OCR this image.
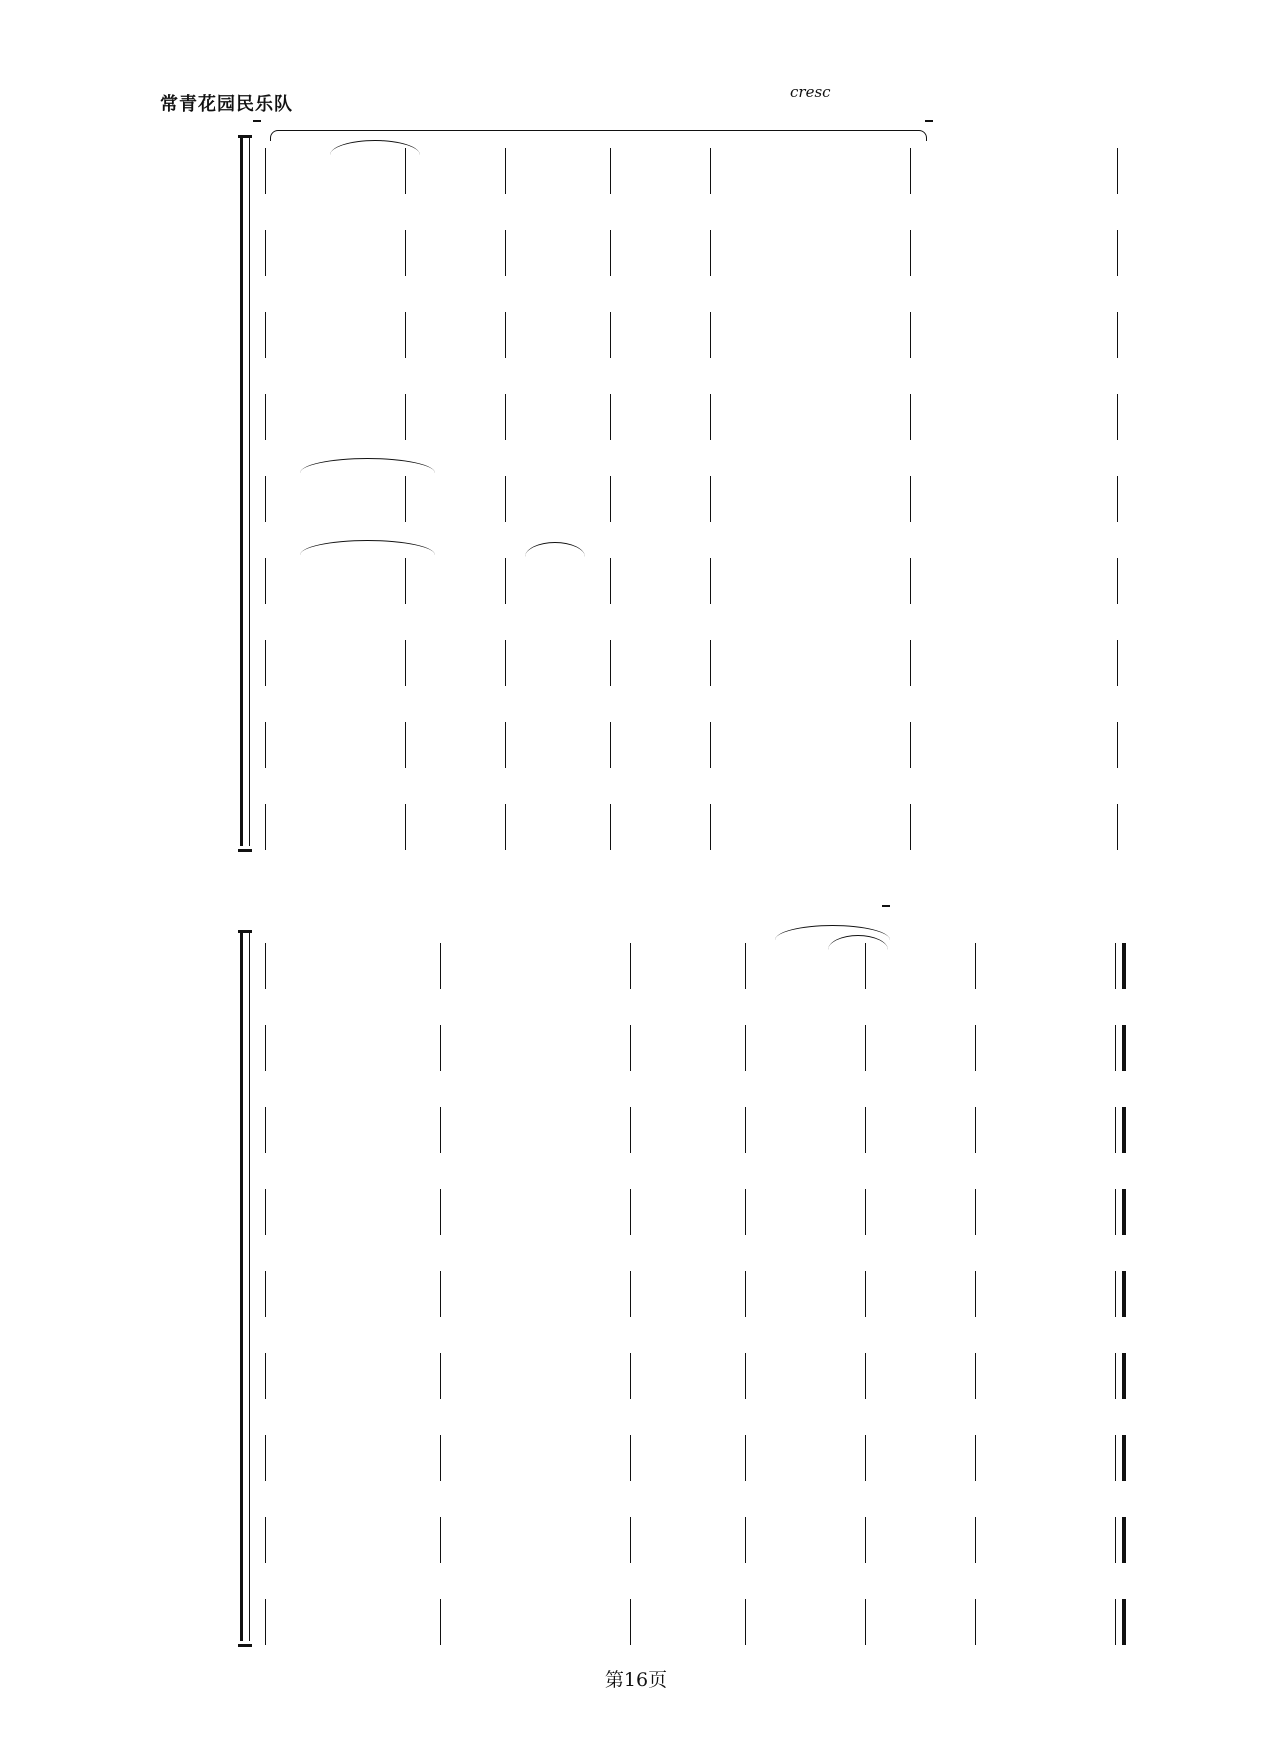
常青花园民乐队
cresc
第16页
